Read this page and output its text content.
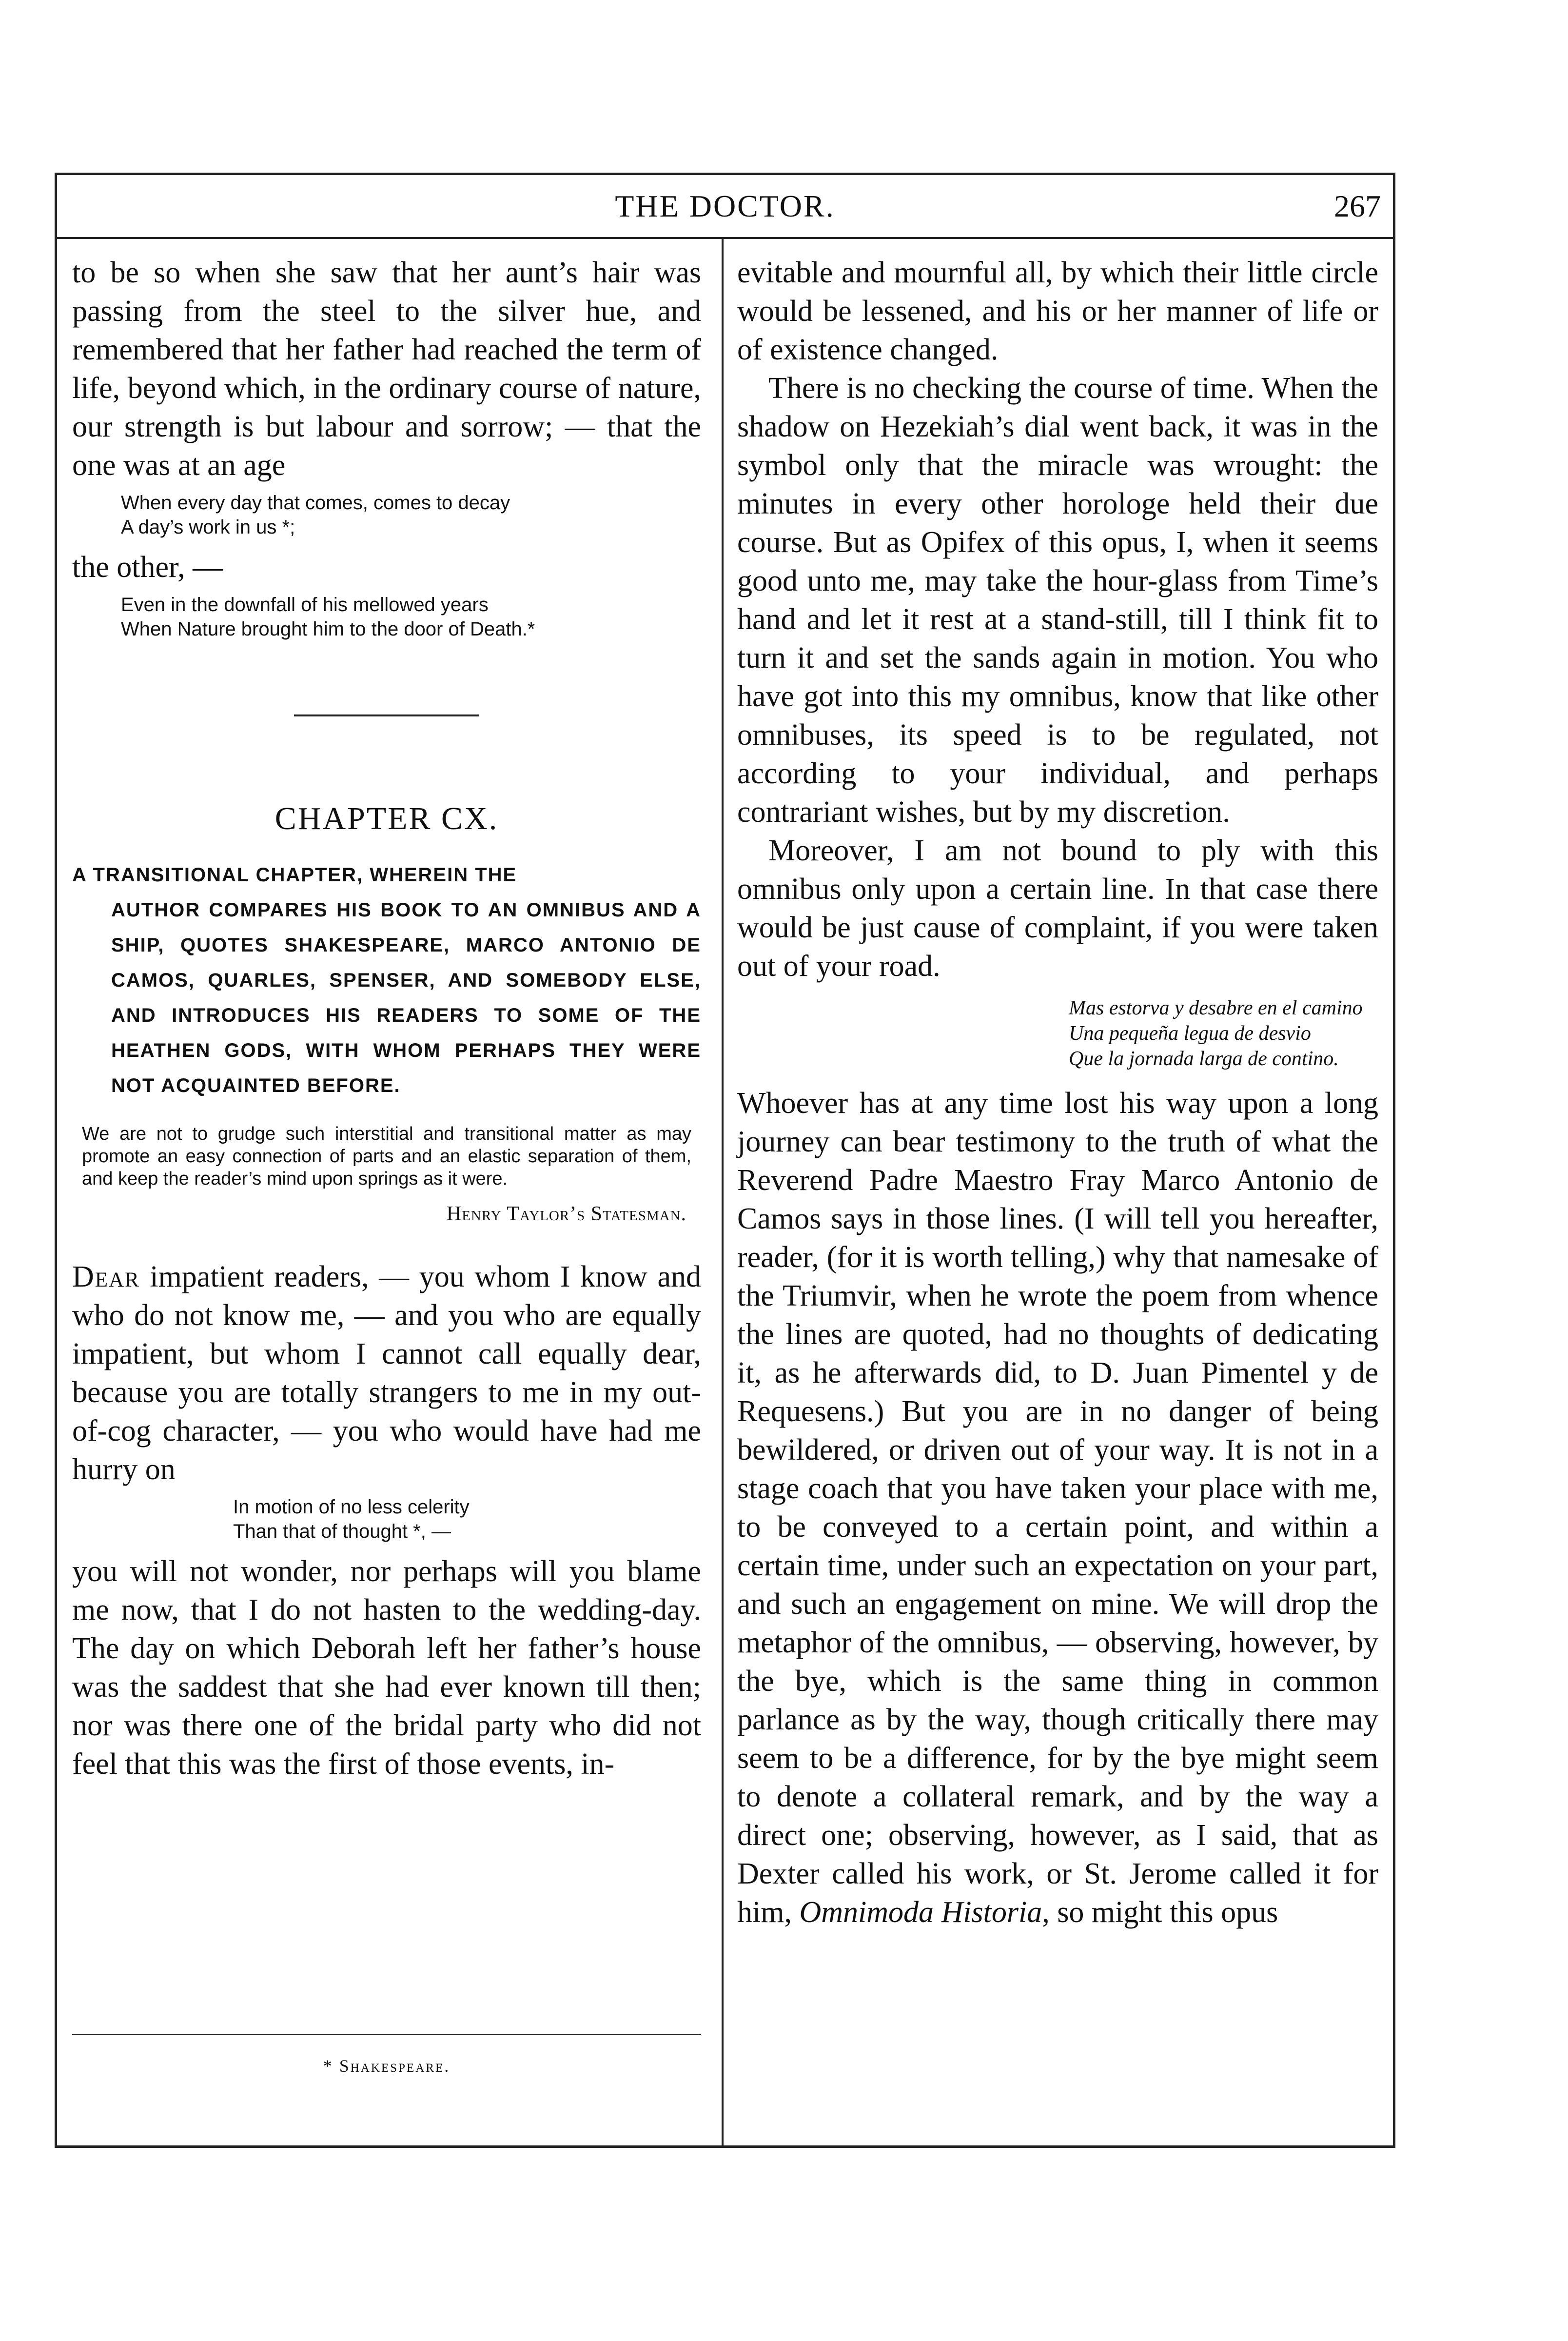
THE DOCTOR.	267

to be so when she saw that her aunt’s hair was passing from the steel to the silver hue, and remembered that her father had reached the term of life, beyond which, in the ordinary course of nature, our strength is but labour and sorrow; — that the one was at an age

When every day that comes, comes to decay
A day’s work in us *;

the other, —

Even in the downfall of his mellowed years
When Nature brought him to the door of Death.*
CHAPTER CX.
A TRANSITIONAL CHAPTER, WHEREIN THE
AUTHOR COMPARES HIS BOOK TO AN OMNIBUS AND A SHIP, QUOTES SHAKESPEARE, MARCO ANTONIO DE CAMOS, QUARLES, SPENSER, AND SOMEBODY ELSE, AND INTRODUCES HIS READERS TO SOME OF THE HEATHEN GODS, WITH WHOM PERHAPS THEY WERE NOT ACQUAINTED BEFORE.
We are not to grudge such interstitial and transitional matter as may promote an easy connection of parts and an elastic separation of them, and keep the reader’s mind upon springs as it were.
Henry Taylor’s Statesman.

Dear impatient readers, — you whom I know and who do not know me, — and you who are equally impatient, but whom I cannot call equally dear, because you are totally strangers to me in my out-of-cog character, — you who would have had me hurry on

In motion of no less celerity
Than that of thought *, —

you will not wonder, nor perhaps will you blame me now, that I do not hasten to the wedding-day. The day on which Deborah left her father’s house was the saddest that she had ever known till then; nor was there one of the bridal party who did not feel that this was the first of those events, in-

* Shakespeare.

evitable and mournful all, by which their little circle would be lessened, and his or her manner of life or of existence changed.

There is no checking the course of time. When the shadow on Hezekiah’s dial went back, it was in the symbol only that the miracle was wrought: the minutes in every other horologe held their due course. But as Opifex of this opus, I, when it seems good unto me, may take the hour-glass from Time’s hand and let it rest at a stand-still, till I think fit to turn it and set the sands again in motion. You who have got into this my omnibus, know that like other omnibuses, its speed is to be regulated, not according to your individual, and perhaps contrariant wishes, but by my discretion.

Moreover, I am not bound to ply with this omnibus only upon a certain line. In that case there would be just cause of complaint, if you were taken out of your road.

Mas estorva y desabre en el camino
Una pequeña legua de desvio
Que la jornada larga de contino.

Whoever has at any time lost his way upon a long journey can bear testimony to the truth of what the Reverend Padre Maestro Fray Marco Antonio de Camos says in those lines. (I will tell you hereafter, reader, (for it is worth telling,) why that namesake of the Triumvir, when he wrote the poem from whence the lines are quoted, had no thoughts of dedicating it, as he afterwards did, to D. Juan Pimentel y de Requesens.) But you are in no danger of being bewildered, or driven out of your way. It is not in a stage coach that you have taken your place with me, to be conveyed to a certain point, and within a certain time, under such an expectation on your part, and such an engagement on mine. We will drop the metaphor of the omnibus, — observing, however, by the bye, which is the same thing in common parlance as by the way, though critically there may seem to be a difference, for by the bye might seem to denote a collateral remark, and by the way a direct one; observing, however, as I said, that as Dexter called his work, or St. Jerome called it for him, Omnimoda Historia, so might this opus
